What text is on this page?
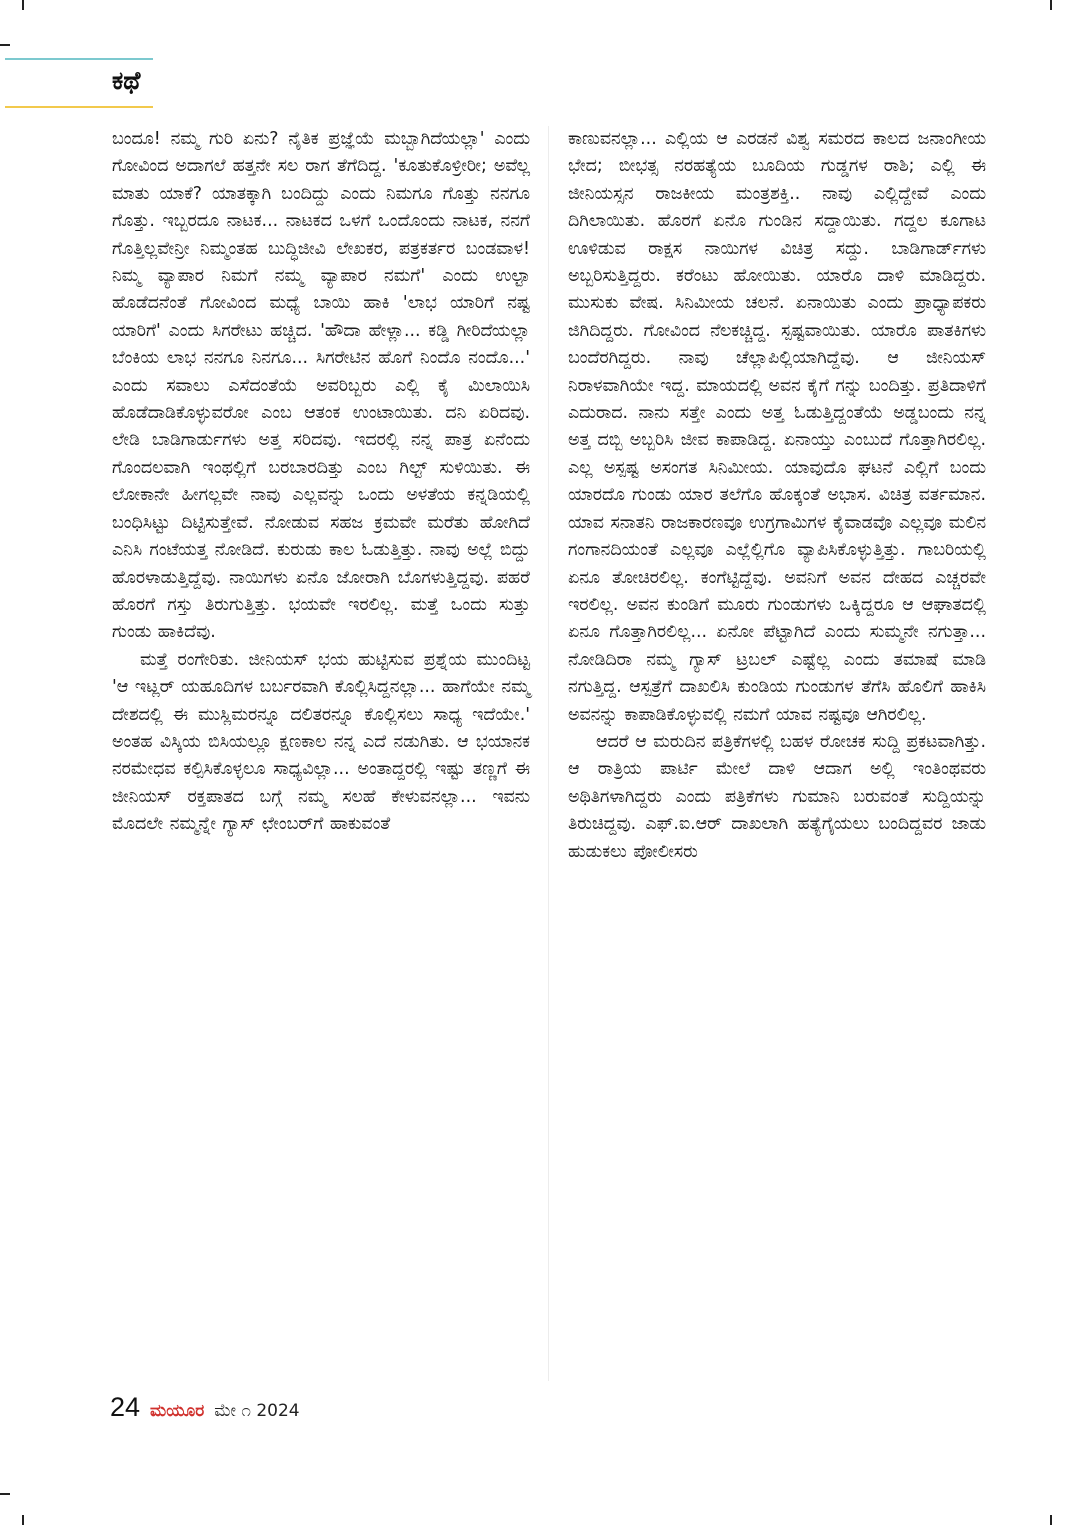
ಕಥೆ

ಬಂದೂ! ನಮ್ಮ ಗುರಿ ಏನು? ನೈತಿಕ ಪ್ರಜ್ಞೆಯೆ ಮಬ್ಬಾಗಿದೆಯಲ್ಲಾ' ಎಂದು ಗೋವಿಂದ ಅದಾಗಲೆ ಹತ್ತನೇ ಸಲ ರಾಗ ತೆಗೆದಿದ್ದ. 'ಕೂತುಕೊಳ್ರೀರೀ; ಅವೆಲ್ಲ ಮಾತು ಯಾಕೆ? ಯಾತಕ್ಕಾಗಿ ಬಂದಿದ್ದು ಎಂದು ನಿಮಗೂ ಗೊತ್ತು ನನಗೂ ಗೊತ್ತು. ಇಬ್ಬರದೂ ನಾಟಕ... ನಾಟಕದ ಒಳಗೆ ಒಂದೊಂದು ನಾಟಕ, ನನಗೆ ಗೊತ್ತಿಲ್ಲವೇನ್ರೀ ನಿಮ್ಮಂತಹ ಬುದ್ಧಿಜೀವಿ ಲೇಖಕರ, ಪತ್ರಕರ್ತರ ಬಂಡವಾಳ! ನಿಮ್ಮ ವ್ಯಾಪಾರ ನಿಮಗೆ ನಮ್ಮ ವ್ಯಾಪಾರ ನಮಗೆ' ಎಂದು ಉಲ್ಟಾ ಹೊಡೆದನೆಂತೆ ಗೋವಿಂದ ಮಧ್ಯೆ ಬಾಯಿ ಹಾಕಿ 'ಲಾಭ ಯಾರಿಗೆ ನಷ್ಟ ಯಾರಿಗೆ' ಎಂದು ಸಿಗರೇಟು ಹಚ್ಚಿದ. 'ಹೌದಾ ಹೇಳ್ಲಾ... ಕಡ್ಡಿ ಗೀರಿದೆಯಲ್ಲಾ ಬೆಂಕಿಯ ಲಾಭ ನನಗೂ ನಿನಗೂ... ಸಿಗರೇಟಿನ ಹೊಗೆ ನಿಂದೊ ನಂದೊ...' ಎಂದು ಸವಾಲು ಎಸೆದಂತೆಯೆ ಅವರಿಬ್ಬರು ಎಲ್ಲಿ ಕೈ ಮಿಲಾಯಿಸಿ ಹೊಡೆದಾಡಿಕೊಳ್ಳುವರೋ ಎಂಬ ಆತಂಕ ಉಂಟಾಯಿತು. ದನಿ ಏರಿದವು. ಲೇಡಿ ಬಾಡಿಗಾರ್ಡುಗಳು ಅತ್ತ ಸರಿದವು. ಇದರಲ್ಲಿ ನನ್ನ ಪಾತ್ರ ಏನೆಂದು ಗೊಂದಲವಾಗಿ ಇಂಥಲ್ಲಿಗೆ ಬರಬಾರದಿತ್ತು ಎಂಬ ಗಿಲ್ಟ್ ಸುಳಿಯಿತು. ಈ ಲೋಕಾನೇ ಹೀಗಲ್ಲವೇ ನಾವು ಎಲ್ಲವನ್ನು ಒಂದು ಅಳತೆಯ ಕನ್ನಡಿಯಲ್ಲಿ ಬಂಧಿಸಿಟ್ಟು ದಿಟ್ಟಿಸುತ್ತೇವೆ. ನೋಡುವ ಸಹಜ ಕ್ರಮವೇ ಮರೆತು ಹೋಗಿದೆ ಎನಿಸಿ ಗಂಟೆಯತ್ತ ನೋಡಿದೆ. ಕುರುಡು ಕಾಲ ಓಡುತ್ತಿತ್ತು. ನಾವು ಅಲ್ಲೆ ಬಿದ್ದು ಹೊರಳಾಡುತ್ತಿದ್ದೆವು. ನಾಯಿಗಳು ಏನೊ ಜೋರಾಗಿ ಬೊಗಳುತ್ತಿದ್ದವು. ಪಹರೆ ಹೊರಗೆ ಗಸ್ತು ತಿರುಗುತ್ತಿತ್ತು. ಭಯವೇ ಇರಲಿಲ್ಲ. ಮತ್ತೆ ಒಂದು ಸುತ್ತು ಗುಂಡು ಹಾಕಿದೆವು.

ಮತ್ತೆ ರಂಗೇರಿತು. ಜೀನಿಯಸ್ ಭಯ ಹುಟ್ಟಿಸುವ ಪ್ರಶ್ನೆಯ ಮುಂದಿಟ್ಟ 'ಆ ಇಟ್ಲರ್ ಯಹೂದಿಗಳ ಬರ್ಬರವಾಗಿ ಕೊಲ್ಲಿಸಿದ್ದನಲ್ಲಾ... ಹಾಗೆಯೇ ನಮ್ಮ ದೇಶದಲ್ಲಿ ಈ ಮುಸ್ಲಿಮರನ್ನೂ ದಲಿತರನ್ನೂ ಕೊಲ್ಲಿಸಲು ಸಾಧ್ಯ ಇದೆಯೇ.' ಅಂತಹ ವಿಸ್ಕಿಯ ಬಿಸಿಯಲ್ಲೂ ಕ್ಷಣಕಾಲ ನನ್ನ ಎದೆ ನಡುಗಿತು. ಆ ಭಯಾನಕ ನರಮೇಧವ ಕಲ್ಪಿಸಿಕೊಳ್ಳಲೂ ಸಾಧ್ಯವಿಲ್ಲಾ... ಅಂತಾದ್ದರಲ್ಲಿ ಇಷ್ಟು ತಣ್ಣಗೆ ಈ ಜೀನಿಯಸ್ ರಕ್ತಪಾತದ ಬಗ್ಗೆ ನಮ್ಮ ಸಲಹೆ ಕೇಳುವನಲ್ಲಾ... ಇವನು ಮೊದಲೇ ನಮ್ಮನ್ನೇ ಗ್ಯಾಸ್ ಛೇಂಬರ್‌ಗೆ ಹಾಕುವಂತೆ

ಕಾಣುವನಲ್ಲಾ... ಎಲ್ಲಿಯ ಆ ಎರಡನೆ ವಿಶ್ವ ಸಮರದ ಕಾಲದ ಜನಾಂಗೀಯ ಭೇದ; ಬೀಭತ್ಸ ನರಹತ್ಯೆಯ ಬೂದಿಯ ಗುಡ್ಡಗಳ ರಾಶಿ; ಎಲ್ಲಿ ಈ ಜೀನಿಯಸ್ಸನ ರಾಜಕೀಯ ಮಂತ್ರಶಕ್ತಿ.. ನಾವು ಎಲ್ಲಿದ್ದೇವೆ ಎಂದು ದಿಗಿಲಾಯಿತು. ಹೊರಗೆ ಏನೊ ಗುಂಡಿನ ಸದ್ದಾಯಿತು. ಗದ್ದಲ ಕೂಗಾಟ ಊಳಿಡುವ ರಾಕ್ಷಸ ನಾಯಿಗಳ ವಿಚಿತ್ರ ಸದ್ದು. ಬಾಡಿಗಾರ್ಡ್‌ಗಳು ಅಬ್ಬರಿಸುತ್ತಿದ್ದರು. ಕರೆಂಟು ಹೋಯಿತು. ಯಾರೊ ದಾಳಿ ಮಾಡಿದ್ದರು. ಮುಸುಕು ವೇಷ. ಸಿನಿಮೀಯ ಚಲನೆ. ಏನಾಯಿತು ಎಂದು ಪ್ರಾಧ್ಯಾಪಕರು ಜಿಗಿದಿದ್ದರು. ಗೋವಿಂದ ನೆಲಕಚ್ಚಿದ್ದ. ಸ್ಪಷ್ಟವಾಯಿತು. ಯಾರೊ ಪಾತಕಿಗಳು ಬಂದೆರಗಿದ್ದರು. ನಾವು ಚೆಲ್ಲಾಪಿಲ್ಲಿಯಾಗಿದ್ದೆವು. ಆ ಜೀನಿಯಸ್ ನಿರಾಳವಾಗಿಯೇ ಇದ್ದ. ಮಾಯದಲ್ಲಿ ಅವನ ಕೈಗೆ ಗನ್ನು ಬಂದಿತ್ತು. ಪ್ರತಿದಾಳಿಗೆ ಎದುರಾದ. ನಾನು ಸತ್ತೇ ಎಂದು ಅತ್ತ ಓಡುತ್ತಿದ್ದಂತೆಯೆ ಅಡ್ಡಬಂದು ನನ್ನ ಅತ್ತ ದಬ್ಬಿ ಅಬ್ಬರಿಸಿ ಜೀವ ಕಾಪಾಡಿದ್ದ. ಏನಾಯ್ತು ಎಂಬುದೆ ಗೊತ್ತಾಗಿರಲಿಲ್ಲ. ಎಲ್ಲ ಅಸ್ಪಷ್ಟ ಅಸಂಗತ ಸಿನಿಮೀಯ. ಯಾವುದೊ ಘಟನೆ ಎಲ್ಲಿಗೆ ಬಂದು ಯಾರದೊ ಗುಂಡು ಯಾರ ತಲೆಗೊ ಹೊಕ್ಕಂತೆ ಅಭಾಸ. ವಿಚಿತ್ರ ವರ್ತಮಾನ. ಯಾವ ಸನಾತನಿ ರಾಜಕಾರಣವೂ ಉಗ್ರಗಾಮಿಗಳ ಕೈವಾಡವೊ ಎಲ್ಲವೂ ಮಲಿನ ಗಂಗಾನದಿಯಂತೆ ಎಲ್ಲವೂ ಎಲ್ಲೆಲ್ಲಿಗೊ ವ್ಯಾಪಿಸಿಕೊಳ್ಳುತ್ತಿತ್ತು. ಗಾಬರಿಯಲ್ಲಿ ಏನೂ ತೋಚಿರಲಿಲ್ಲ. ಕಂಗೆಟ್ಟಿದ್ದೆವು. ಅವನಿಗೆ ಅವನ ದೇಹದ ಎಚ್ಚರವೇ ಇರಲಿಲ್ಲ. ಅವನ ಕುಂಡಿಗೆ ಮೂರು ಗುಂಡುಗಳು ಒಕ್ಕಿದ್ದರೂ ಆ ಆಘಾತದಲ್ಲಿ ಏನೂ ಗೊತ್ತಾಗಿರಲಿಲ್ಲ... ಏನೋ ಪೆಟ್ಟಾಗಿದೆ ಎಂದು ಸುಮ್ಮನೇ ನಗುತ್ತಾ... ನೋಡಿದಿರಾ ನಮ್ಮ ಗ್ಯಾಸ್ ಟ್ರಬಲ್ ಎಷ್ಟೆಲ್ಲ ಎಂದು ತಮಾಷೆ ಮಾಡಿ ನಗುತ್ತಿದ್ದ. ಆಸ್ಪತ್ರೆಗೆ ದಾಖಲಿಸಿ ಕುಂಡಿಯ ಗುಂಡುಗಳ ತೆಗೆಸಿ ಹೊಲಿಗೆ ಹಾಕಿಸಿ ಅವನನ್ನು ಕಾಪಾಡಿಕೊಳ್ಳುವಲ್ಲಿ ನಮಗೆ ಯಾವ ನಷ್ಟವೂ ಆಗಿರಲಿಲ್ಲ.

ಆದರೆ ಆ ಮರುದಿನ ಪತ್ರಿಕೆಗಳಲ್ಲಿ ಬಹಳ ರೋಚಕ ಸುದ್ದಿ ಪ್ರಕಟವಾಗಿತ್ತು. ಆ ರಾತ್ರಿಯ ಪಾರ್ಟಿ ಮೇಲೆ ದಾಳಿ ಆದಾಗ ಅಲ್ಲಿ ಇಂತಿಂಥವರು ಅಥಿತಿಗಳಾಗಿದ್ದರು ಎಂದು ಪತ್ರಿಕೆಗಳು ಗುಮಾನಿ ಬರುವಂತೆ ಸುದ್ದಿಯನ್ನು ತಿರುಚಿದ್ದವು. ಎಫ್.ಐ.ಆರ್ ದಾಖಲಾಗಿ ಹತ್ಯೆಗೈಯಲು ಬಂದಿದ್ದವರ ಜಾಡು ಹುಡುಕಲು ಪೋಲೀಸರು

24 ಮಯೂರ ಮೇ ೧ 2024
